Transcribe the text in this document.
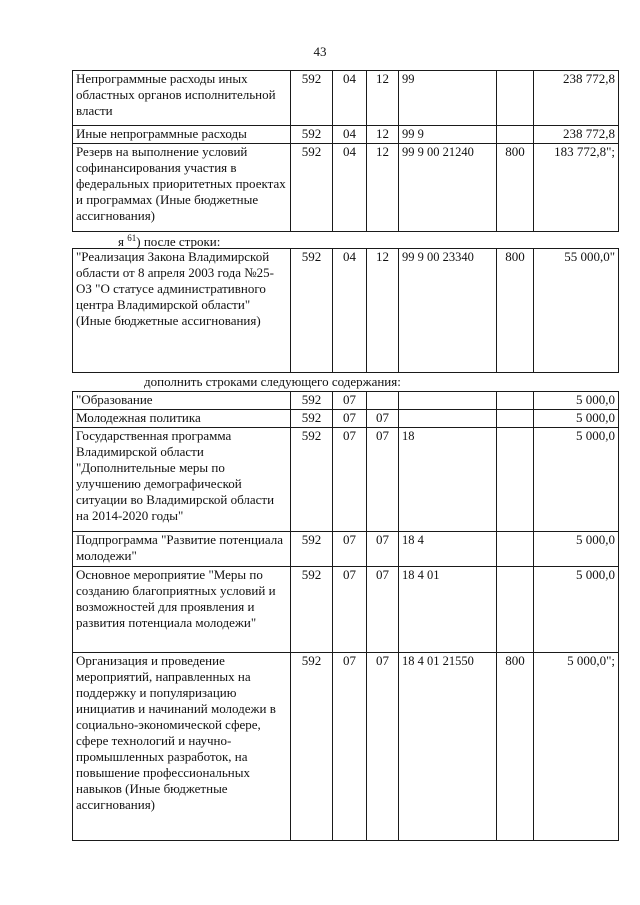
43
Непрограммные расходы иных областных органов исполнительной власти	592	04	12	99		238 772,8
Иные непрограммные расходы	592	04	12	99 9		238 772,8
Резерв на выполнение условий софинансирования участия в федеральных приоритетных проектах и программах (Иные бюджетные ассигнования)	592	04	12	99 9 00 21240	800	183 772,8";
я $^{61}$) после строки:
"Реализация Закона Владимирской области от 8 апреля 2003 года №25-ОЗ "О статусе административного центра Владимирской области" (Иные бюджетные ассигнования)	592	04	12	99 9 00 23340	800	55 000,0"
дополнить строками следующего содержания:
"Образование	592	07				5 000,0
Молодежная политика	592	07	07			5 000,0
Государственная программа Владимирской области "Дополнительные меры по улучшению демографической ситуации во Владимирской области на 2014-2020 годы"	592	07	07	18		5 000,0
Подпрограмма "Развитие потенциала молодежи"	592	07	07	18 4		5 000,0
Основное мероприятие "Меры по созданию благоприятных условий и возможностей для проявления и развития потенциала молодежи"	592	07	07	18 4 01		5 000,0
Организация и проведение мероприятий, направленных на поддержку и популяризацию инициатив и начинаний молодежи в социально-экономической сфере, сфере технологий и научно-промышленных разработок, на повышение профессиональных навыков (Иные бюджетные ассигнования)	592	07	07	18 4 01 21550	800	5 000,0";
